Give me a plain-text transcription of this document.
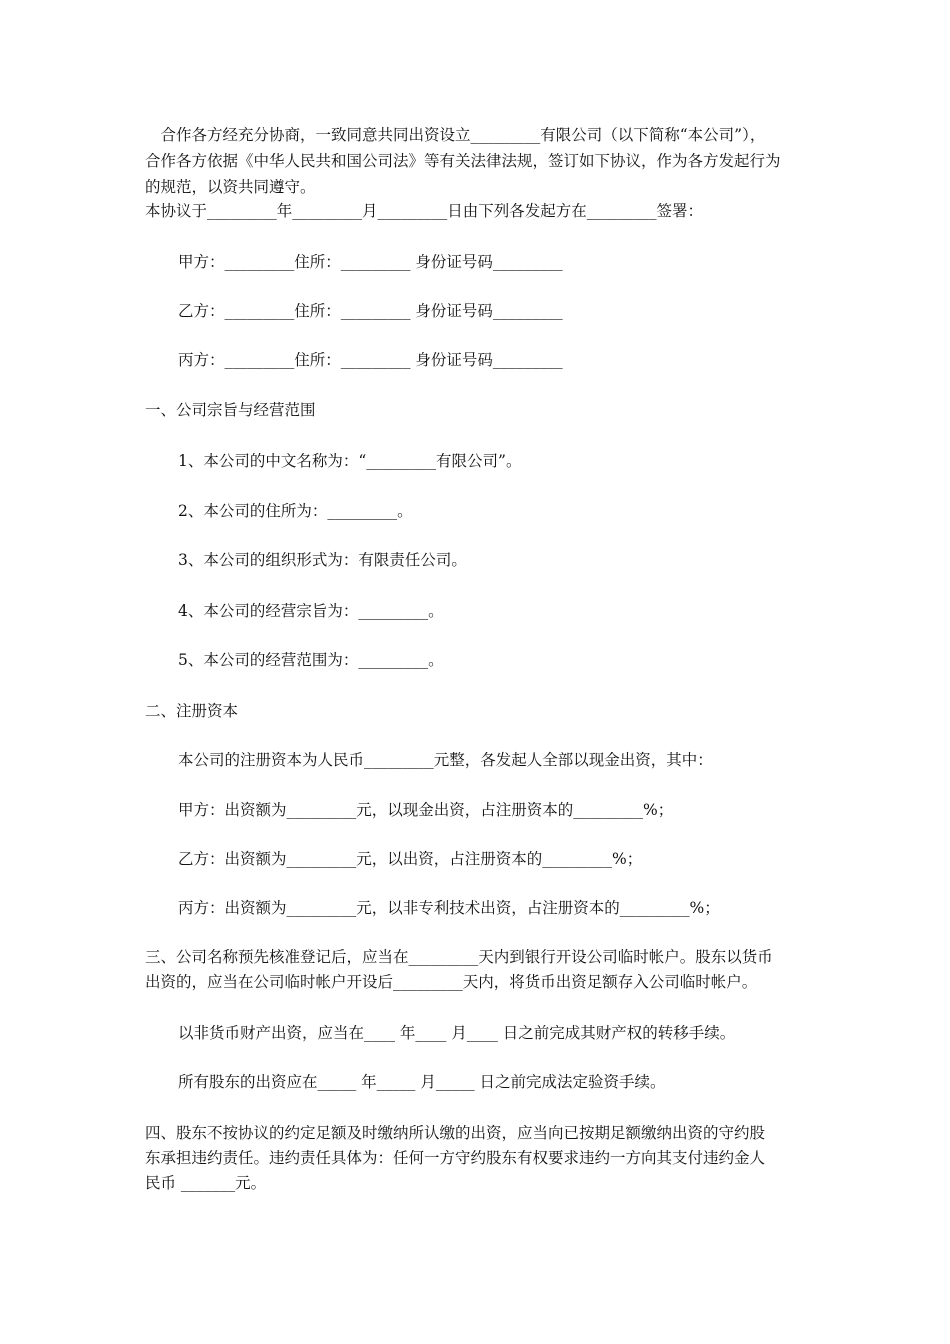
　合作各方经充分协商，一致同意共同出资设立_________有限公司（以下简称“本公司”），
合作各方依据《中华人民共和国公司法》等有关法律法规，签订如下协议，作为各方发起行为
的规范，以资共同遵守。
本协议于_________年_________月_________日由下列各发起方在_________签署：
甲方：_________住所：_________ 身份证号码_________
乙方：_________住所：_________ 身份证号码_________
丙方：_________住所：_________ 身份证号码_________
一、公司宗旨与经营范围
1、本公司的中文名称为：“_________有限公司”。
2、本公司的住所为：_________。
3、本公司的组织形式为：有限责任公司。
4、本公司的经营宗旨为：_________。
5、本公司的经营范围为：_________。
二、注册资本
本公司的注册资本为人民币_________元整，各发起人全部以现金出资，其中：
甲方：出资额为_________元，以现金出资，占注册资本的_________%；
乙方：出资额为_________元，以出资，占注册资本的_________%；
丙方：出资额为_________元，以非专利技术出资，占注册资本的_________%；
三、公司名称预先核准登记后，应当在_________天内到银行开设公司临时帐户。股东以货币
出资的，应当在公司临时帐户开设后_________天内，将货币出资足额存入公司临时帐户。
以非货币财产出资，应当在____ 年____ 月____ 日之前完成其财产权的转移手续。
所有股东的出资应在_____ 年_____ 月_____ 日之前完成法定验资手续。
四、股东不按协议的约定足额及时缴纳所认缴的出资，应当向已按期足额缴纳出资的守约股
东承担违约责任。违约责任具体为：任何一方守约股东有权要求违约一方向其支付违约金人
民币 _______元。
